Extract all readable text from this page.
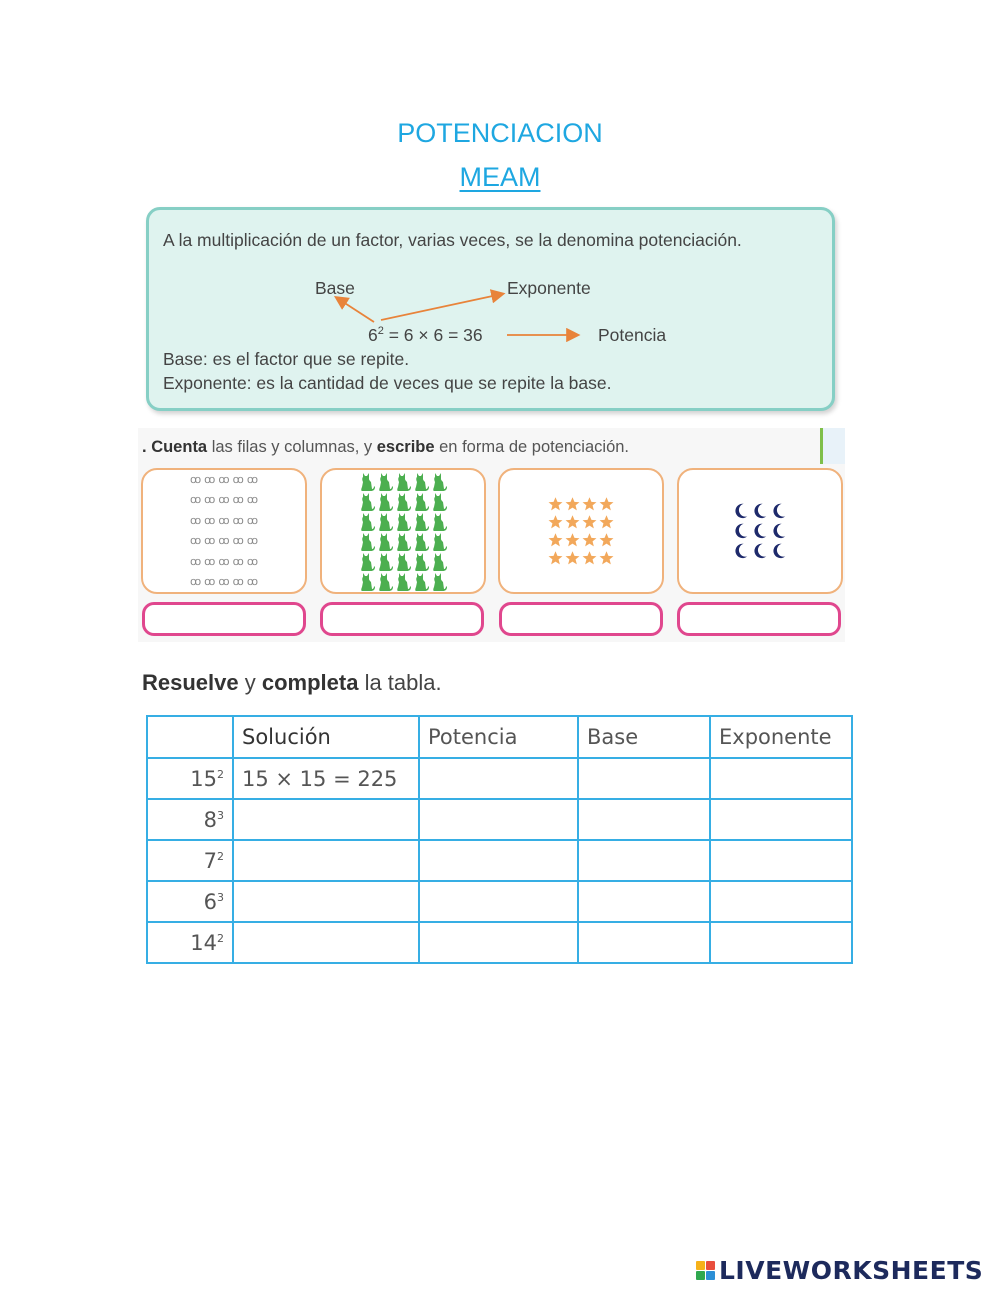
POTENCIACION
MEAM
A la multiplicación de un factor, varias veces, se la denomina potenciación.
Base	Exponente
$6^2 = 6 \times 6 = 36$	Potencia
Base: es el factor que se repite.
Exponente: es la cantidad de veces que se repite la base.
. Cuenta las filas y columnas, y escribe en forma de potenciación.
ꝏ ꝏ ꝏ ꝏ ꝏ
ꝏ ꝏ ꝏ ꝏ ꝏ
ꝏ ꝏ ꝏ ꝏ ꝏ
ꝏ ꝏ ꝏ ꝏ ꝏ
ꝏ ꝏ ꝏ ꝏ ꝏ
ꝏ ꝏ ꝏ ꝏ ꝏ
Resuelve y completa la tabla.
	Solución	Potencia	Base	Exponente
$15^2$	15 × 15 = 225			
$8^3$				
$7^2$				
$6^3$				
$14^2$				
LIVEWORKSHEETS
